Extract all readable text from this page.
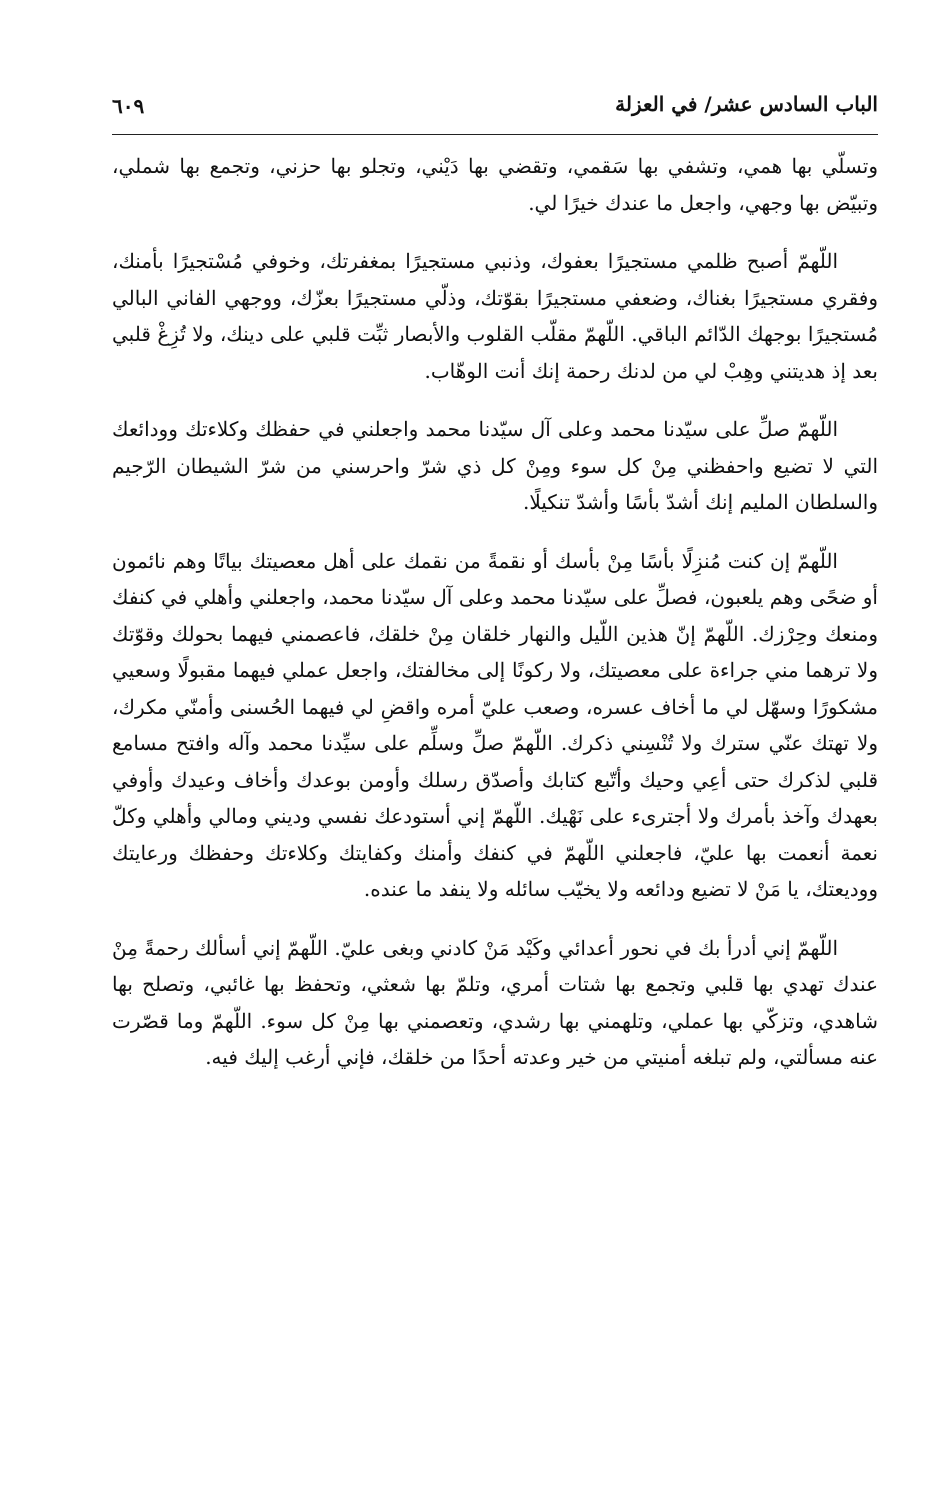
الباب السادس عشر/ في العزلة
٦٠٩

وتسلّي بها همي، وتشفي بها سَقمي، وتقضي بها دَيْني، وتجلو بها حزني، وتجمع بها شملي، وتبيّض بها وجهي، واجعل ما عندك خيرًا لي.

اللّهمّ أصبح ظلمي مستجيرًا بعفوك، وذنبي مستجيرًا بمغفرتك، وخوفي مُسْتجيرًا بأمنك، وفقري مستجيرًا بغناك، وضعفي مستجيرًا بقوّتك، وذلّي مستجيرًا بعزّك، ووجهي الفاني البالي مُستجيرًا بوجهك الدّائم الباقي. اللّهمّ مقلّب القلوب والأبصار ثبِّت قلبي على دينك، ولا تُزِغْ قلبي بعد إذ هديتني وهِبْ لي من لدنك رحمة إنك أنت الوهّاب.

اللّهمّ صلِّ على سيّدنا محمد وعلى آل سيّدنا محمد واجعلني في حفظك وكلاءتك وودائعك التي لا تضيع واحفظني مِنْ كل سوء ومِنْ كل ذي شرّ واحرسني من شرّ الشيطان الرّجيم والسلطان المليم إنك أشدّ بأسًا وأشدّ تنكيلًا.

اللّهمّ إن كنت مُنزِلًا بأسًا مِنْ بأسك أو نقمةً من نقمك على أهل معصيتك بياتًا وهم نائمون أو ضحًى وهم يلعبون، فصلِّ على سيّدنا محمد وعلى آل سيّدنا محمد، واجعلني وأهلي في كنفك ومنعك وحِرْزك. اللّهمّ إنّ هذين اللّيل والنهار خلقان مِنْ خلقك، فاعصمني فيهما بحولك وقوّتك ولا ترهما مني جراءة على معصيتك، ولا ركونًا إلى مخالفتك، واجعل عملي فيهما مقبولًا وسعيي مشكورًا وسهّل لي ما أخاف عسره، وصعب عليّ أمره واقضِ لي فيهما الحُسنى وأمنّي مكرك، ولا تهتك عنّي سترك ولا تُنْسِني ذكرك. اللّهمّ صلِّ وسلِّم على سيِّدنا محمد وآله وافتح مسامع قلبي لذكرك حتى أعِي وحيك وأتّبع كتابك وأصدّق رسلك وأومن بوعدك وأخاف وعيدك وأوفي بعهدك وآخذ بأمرك ولا أجترىء على نَهْيك. اللّهمّ إني أستودعك نفسي وديني ومالي وأهلي وكلّ نعمة أنعمت بها عليّ، فاجعلني اللّهمّ في كنفك وأمنك وكفايتك وكلاءتك وحفظك ورعايتك ووديعتك، يا مَنْ لا تضيع ودائعه ولا يخيّب سائله ولا ينفد ما عنده.

اللّهمّ إني أدرأ بك في نحور أعدائي وكَيْد مَنْ كادني وبغى عليّ. اللّهمّ إني أسألك رحمةً مِنْ عندك تهدي بها قلبي وتجمع بها شتات أمري، وتلمّ بها شعثي، وتحفظ بها غائبي، وتصلح بها شاهدي، وتزكّي بها عملي، وتلهمني بها رشدي، وتعصمني بها مِنْ كل سوء. اللّهمّ وما قصّرت عنه مسألتي، ولم تبلغه أمنيتي من خير وعدته أحدًا من خلقك، فإني أرغب إليك فيه.
